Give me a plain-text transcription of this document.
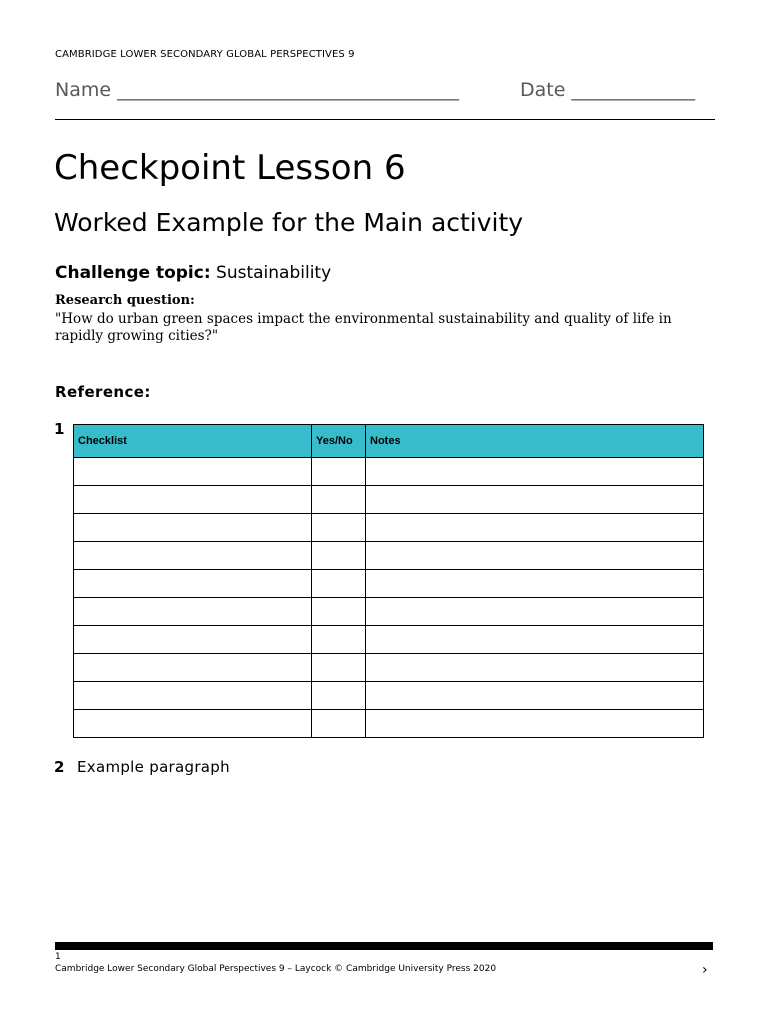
CAMBRIDGE LOWER SECONDARY GLOBAL PERSPECTIVES 9
Name ____________________________________	Date _____________
Checkpoint Lesson 6
Worked Example for the Main activity
Challenge topic: Sustainability
Research question:
"How do urban green spaces impact the environmental sustainability and quality of life in rapidly growing cities?"
Reference:
1
Checklist	Yes/No	Notes

2 Example paragraph
1
Cambridge Lower Secondary Global Perspectives 9 – Laycock © Cambridge University Press 2020	›
